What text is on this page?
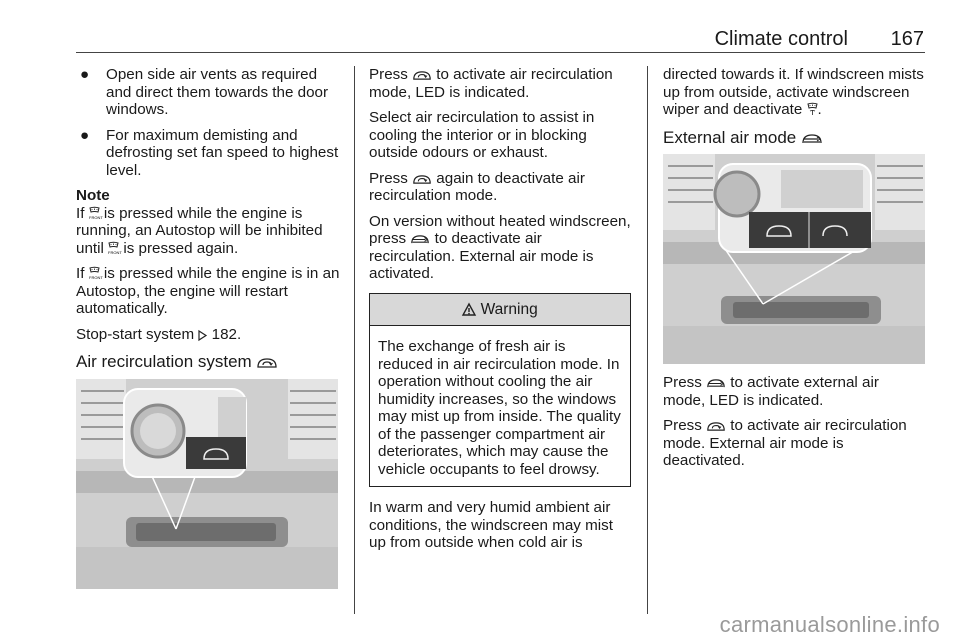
Climate control 167
● Open side air vents as required and direct them towards the door windows.
● For maximum demisting and defrosting set fan speed to highest level.
Note

If FRONT is pressed while the engine is running, an Autostop will be inhibited until FRONT is pressed again.

If FRONT is pressed while the engine is in an Autostop, the engine will restart automatically.

Stop-start system 182.

Air recirculation system

Press to activate air recirculation mode, LED is indicated.

Select air recirculation to assist in cooling the interior or in blocking outside odours or exhaust.

Press again to deactivate air recirculation mode.

On version without heated windscreen, press to deactivate air recirculation. External air mode is activated.

Warning
The exchange of fresh air is reduced in air recirculation mode. In operation without cooling the air humidity increases, so the windows may mist up from inside. The quality of the passenger compartment air deteriorates, which may cause the vehicle occupants to feel drowsy.

In warm and very humid ambient air conditions, the windscreen may mist up from outside when cold air is

directed towards it. If windscreen mists up from outside, activate windscreen wiper and deactivate .

External air mode

Press to activate external air mode, LED is indicated.

Press to activate air recirculation mode. External air mode is deactivated.

carmanualsonline.info
